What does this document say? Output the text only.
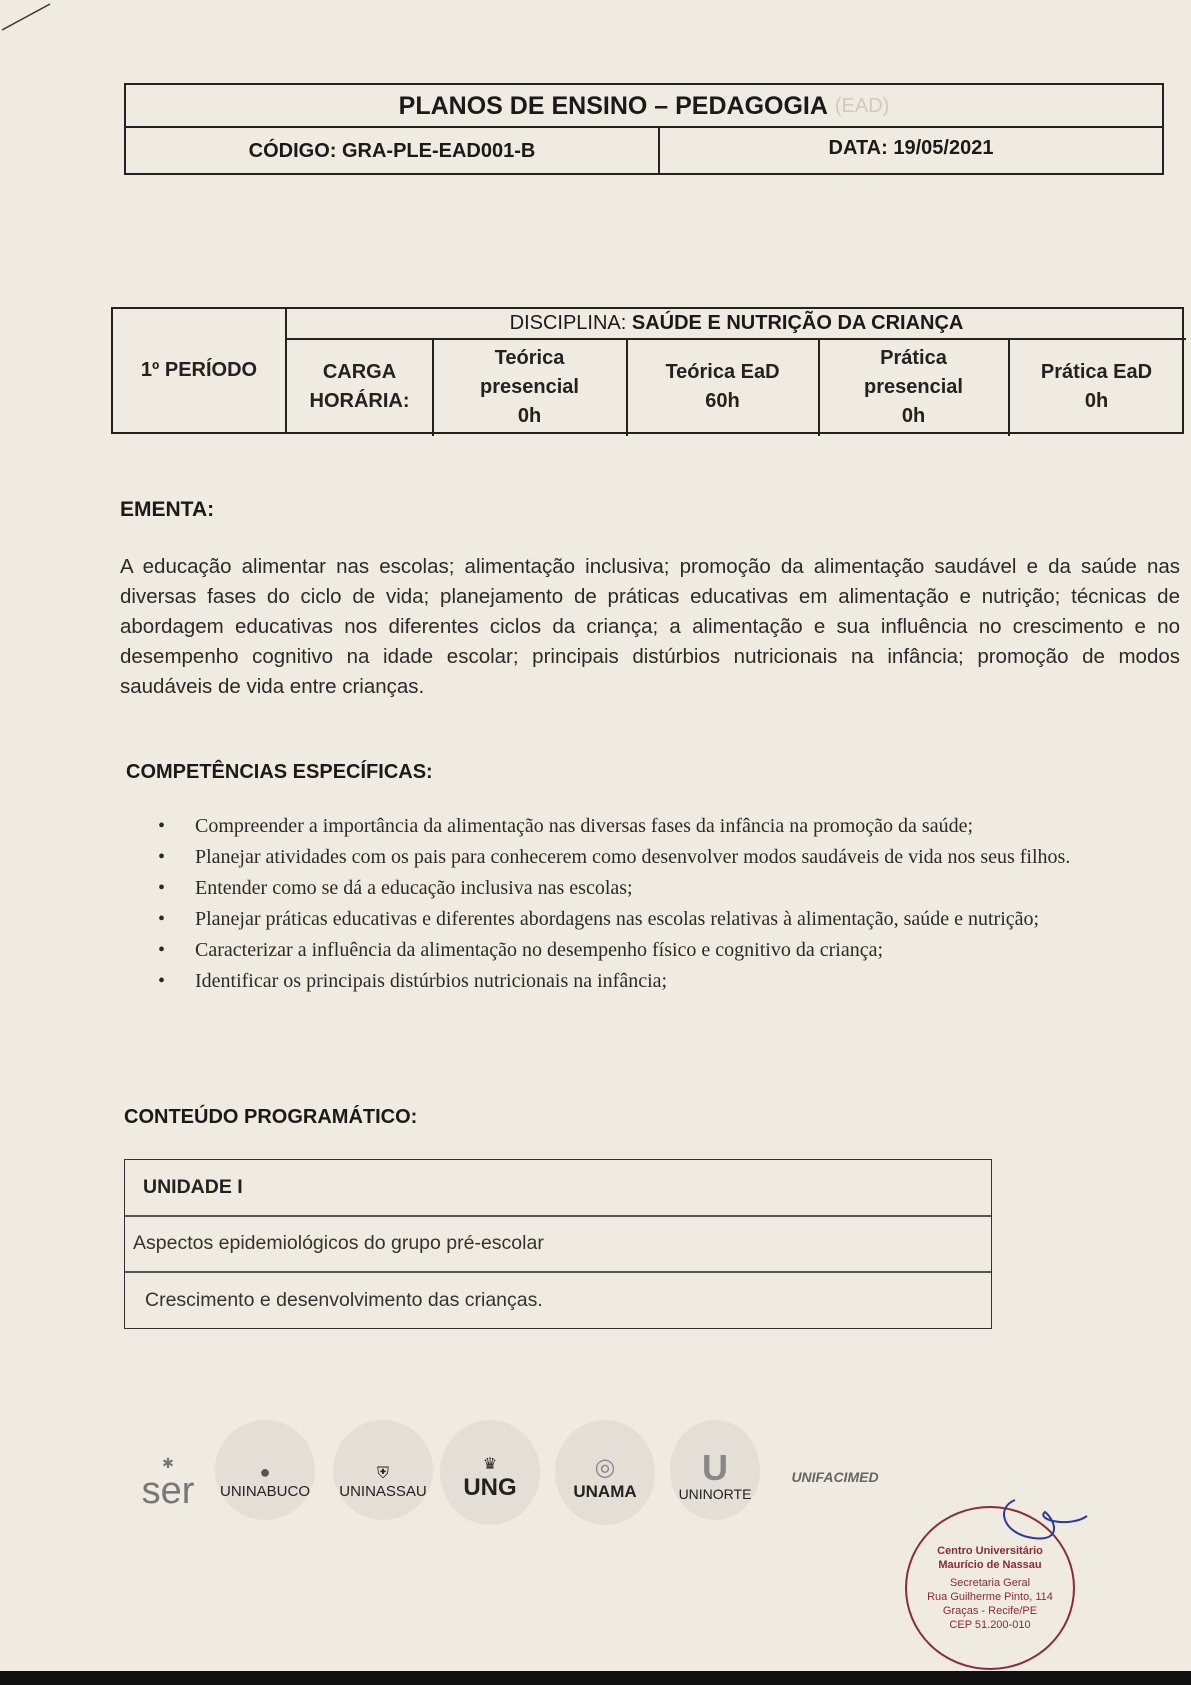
PLANOS DE ENSINO – PEDAGOGIA
(EAD)
CÓDIGO: GRA-PLE-EAD001-B	DATA: 19/05/2021
1º PERÍODO
DISCIPLINA:
SAÚDE E NUTRIÇÃO DA CRIANÇA
CARGA
HORÁRIA:
Teórica
presencial
0h
Teórica EaD
60h
Prática
presencial
0h
Prática EaD
0h
EMENTA:
A educação alimentar nas escolas; alimentação inclusiva; promoção da alimentação saudável e da saúde nas diversas fases do ciclo de vida; planejamento de práticas educativas em alimentação e nutrição; técnicas de abordagem educativas nos diferentes ciclos da criança; a alimentação e sua influência no crescimento e no desempenho cognitivo na idade escolar; principais distúrbios nutricionais na infância; promoção de modos saudáveis de vida entre crianças.
COMPETÊNCIAS ESPECÍFICAS:
• Compreender a importância da alimentação nas diversas fases da infância na promoção da saúde;
• Planejar atividades com os pais para conhecerem como desenvolver modos saudáveis de vida nos seus filhos.
• Entender como se dá a educação inclusiva nas escolas;
• Planejar práticas educativas e diferentes abordagens nas escolas relativas à alimentação, saúde e nutrição;
• Caracterizar a influência da alimentação no desempenho físico e cognitivo da criança;
• Identificar os principais distúrbios nutricionais na infância;
CONTEÚDO PROGRAMÁTICO:
UNIDADE I
Aspectos epidemiológicos do grupo pré-escolar
Crescimento e desenvolvimento das crianças.
✱
ser	●
UNINABUCO
⛨
UNINASSAU
♛
UNG
◎
UNAMA
U
UNINORTE
UNIFACIMED
Centro Universitário Maurício de Nassau
Secretaria Geral
Rua Guilherme Pinto, 114
Graças - Recife/PE
CEP 51.200-010
